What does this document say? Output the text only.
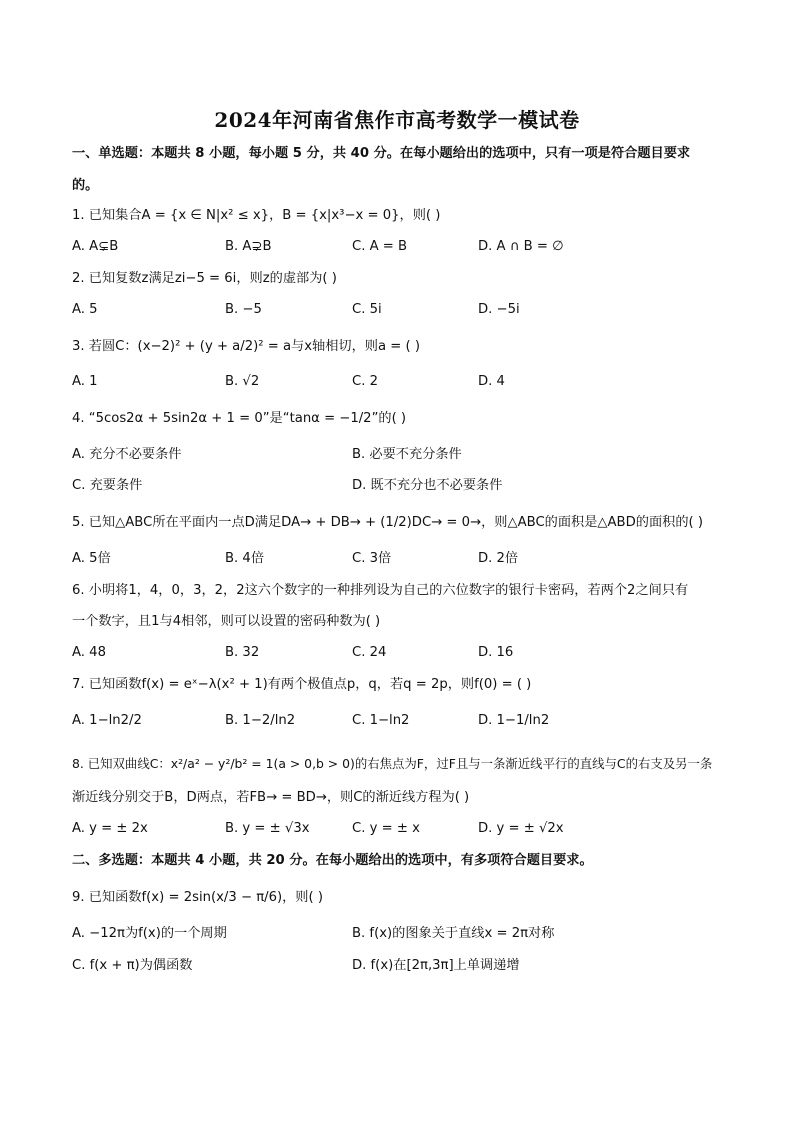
2024年河南省焦作市高考数学一模试卷
一、单选题：本题共 8 小题，每小题 5 分，共 40 分。在每小题给出的选项中，只有一项是符合题目要求
的。
1. 已知集合A = {x ∈ N|x² ≤ x}，B = {x|x³−x = 0}，则( )
A. A⊊B	B. A⊋B	C. A = B	D. A ∩ B = ∅
2. 已知复数z满足zi−5 = 6i，则z的虚部为( )
A. 5	B. −5	C. 5i	D. −5i
3. 若圆C：(x−2)² + (y + a/2)² = a与x轴相切，则a = ( )
A. 1	B. √2	C. 2	D. 4
4. “5cos2α + 5sin2α + 1 = 0”是“tanα = −1/2”的( )
A. 充分不必要条件	B. 必要不充分条件
C. 充要条件	D. 既不充分也不必要条件
5. 已知△ABC所在平面内一点D满足DA→ + DB→ + (1/2)DC→ = 0→，则△ABC的面积是△ABD的面积的( )
A. 5倍	B. 4倍	C. 3倍	D. 2倍
6. 小明将1，4，0，3，2，2这六个数字的一种排列设为自己的六位数字的银行卡密码，若两个2之间只有
一个数字，且1与4相邻，则可以设置的密码种数为( )
A. 48	B. 32	C. 24	D. 16
7. 已知函数f(x) = eˣ−λ(x² + 1)有两个极值点p，q，若q = 2p，则f(0) = ( )
A. 1−ln2/2	B. 1−2/ln2	C. 1−ln2	D. 1−1/ln2
8. 已知双曲线C：x²/a² − y²/b² = 1(a > 0,b > 0)的右焦点为F，过F且与一条渐近线平行的直线与C的右支及另一条
渐近线分别交于B，D两点，若FB→ = BD→，则C的渐近线方程为( )
A. y = ± 2x	B. y = ± √3x	C. y = ± x	D. y = ± √2x
二、多选题：本题共 4 小题，共 20 分。在每小题给出的选项中，有多项符合题目要求。
9. 已知函数f(x) = 2sin(x/3 − π/6)，则( )
A. −12π为f(x)的一个周期	B. f(x)的图象关于直线x = 2π对称
C. f(x + π)为偶函数	D. f(x)在[2π,3π]上单调递增
